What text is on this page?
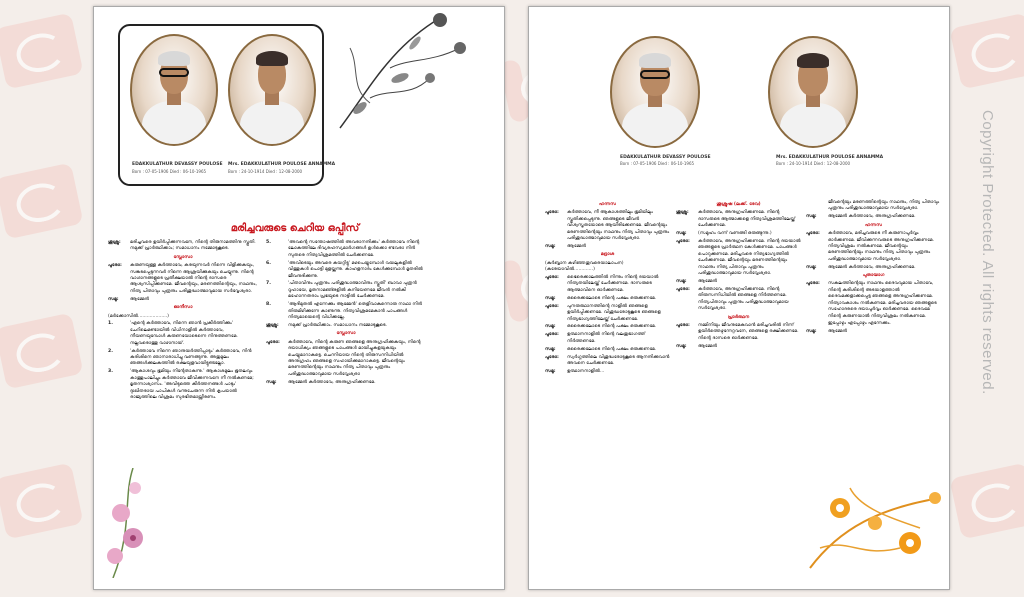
EDAKKULATHUR DEVASSY POULOSE
Born : 07-05-1906 Died : 06-10-1965
Mrs. EDAKKULATHUR POULOSE ANNAMMA
Born : 24-10-1914 Died : 12-08-2000
മരിച്ചവരുടെ ചെറിയ ഒപ്പീസ്
ശുശ്രൂ:	മരിച്ചവരെ ഉയിർപ്പിക്കുന്നവനേ, നിന്റെ തിരുനാമത്തിനു സ്തുതി. നമുക്ക് പ്രാർത്ഥിക്കാം; സമാധാനം നമ്മോടുകൂടെ.
സ്ലോസാ
പൂരോ:	കരുണയുള്ള കർത്താവേ, കരയുന്നവർ നിന്നെ വിളിക്കുകയും, സങ്കടപ്പെടുന്നവർ നിന്നെ ആശ്രയിക്കുകയും ചെയ്യുന്നു. നിന്റെ വാഗ്ദാനങ്ങളുടെ പ്രതീക്ഷയാൽ നിന്റെ ദാസരെ ആശ്വസിപ്പിക്കണമേ. ജീവന്റെയും, മരണത്തിന്റെയും, നാഥനും, നിത്യ പിതാവും പുത്രനും പരിശുദ്ധാത്മാവുമായ സർവ്വേശ്വരാ.
സമൂ:	ആമ്മേൻ
ഓനീസാ
(മർക്കോസിൽ....................)
1.	'എന്റെ കർത്താവേ, നിന്നെ ഞാൻ പ്രകീർത്തിക്കും' ചേറിലെമണ്ടായിൽ വിധിനാളിൽ കർത്താവേ, നീയണയുമ്പോൾ കരുണയോടെന്നെ നിനുത്തണമേ. നല്ലവരൊത്തു വാഴാനായ്.
2.	'കർത്താവേ നിന്നെ ഞാനുയർത്തിപ്പാടും' കർത്താവേ, നിൻ കുരിശിനെ ഞാനാരാധിച്ചു വണങ്ങുന്നു. അതുമൂലം ഞങ്ങൾക്കുലകത്തിൽ രക്ഷയുളവായിട്ടുണ്ടല്ലോ.
3.	'ആകാശവും ഭൂമിയും നിന്റേതാകുന്നു.' ആകാശമൂലം ഭൂതലവും കാത്തുപാലിച്ചും കർത്താവേ ജീവിക്കുന്നവനേ നീ നൽകണമേ; മൃതന്നാശ്വാസം. 'അവിടുത്തെ കീർത്തനങ്ങൾ പാടും' ദുഃഖിതരായ പാപികൾ വന്നുചേരുന്ന നിൻ കൃപയാൽ രാജ്യത്തിലെ വിശ്രമം സുരഭിതമായ്ത്തീരണം.
5.	'അവന്റെ സന്തോഷത്തിൽ അവരാനന്ദിക്കും' കർത്താവേ നിന്റെ ലോകത്തിലേ ദിവ്യരഹസ്യമാർഗങ്ങൾ ഉൾക്കൊ ണ്ടവരാ നിൻ സുതരെ നിത്യവിശ്രമത്തിൽ ചേർക്കണമേ.
6.	'അവിടെയും അവരെ കയറ്റിട്ടു' മഴപെയ്യുമ്പോൾ വയലുകളിൽ വിത്തുകൾ പൊട്ടി മുളയ്ക്കുന്നു. കാഹളനാദം കേൾക്കുമ്പോൾ മൃതരിൽ ജീവനുദിക്കുന്നു.
7.	'പിതാവിനും പുത്രനും പരിശുദ്ധാത്മാവിനും സ്തുതി' ബാവാ പുത്രൻ റൂഹായേ, മൃതനാമഞ്ങളിൽ കനിയേണമേ ജീവൻ നൽകി മഹോന്നതരാം പ്രഭയുടെ നാട്ടിൽ ചേർക്കണമേ.
8.	'ആദിമുതൽ എന്നേക്കും ആമ്മേൻ' തെളിവാകുന്നൊരു നാഥാ നിൻ തിരുമിഴിക്കുന്നേ കാണുന്നു. നിത്യവിശ്രമമേകാൻ പാപങ്ങൾ നിത്യമായെന്റെ വിധിക്കല്ലേ.
ശുശ്രൂ:	നമുക്ക് പ്രാർത്ഥിക്കാം. സമാധാനം നമ്മോടുകൂടെ.
സ്ലോസാ
പൂരോ:	കർത്താവേ, നിന്റെ കരുണ ഞങ്ങളെ അനുഗ്രഹിക്കുകയും, നിന്റെ ദയാധിക്യം ഞങ്ങളുടെ പാപങ്ങൾ മായിച്ചുകളയുകയും ചെയ്യുമാറാകട്ടെ. ചെന്നിയായ നിന്റെ തിരുസന്നിധിയിൽ അനുഗ്രഹം ഞങ്ങളെ സഹായിക്കുമാറാകട്ടെ. ജീവന്റെയും മരണത്തിന്റെയും നാഥനും നിത്യ പിതാവും പുത്രനും പരിശുദ്ധാത്മാവുമായ സർവ്വേശ്വരാ
സമൂ:	ആമ്മേൻ കർത്താവേ, അനുഗ്രഹിക്കണമേ.
EDAKKULATHUR DEVASSY POULOSE
Born : 07-05-1906 Died : 06-10-1965
Mrs. EDAKKULATHUR POULOSE ANNAMMA
Born : 24-10-1914 Died : 12-08-2000
ഹന്നസ
പൂരോ:	കർത്താവേ, നീ ആകാശത്തിലും ഭൂമിയിലും സ്തുതിക്കപ്പെടുന്നു. ഞങ്ങളുടെ ജീവൻ വിശ്വസ്തതയോടെ ആയിരിക്കേണമേ. ജീവന്റെയും മരണത്തിന്റെയും നാഥനും നിത്യ പിതാവും പുത്രനും പരിശുദ്ധാത്മാവുമായ സർവ്വേശ്വരാ.
സമൂ:	ആമ്മേൻ
മദ്രാശ
(കുർബ്ബാന കഴിഞ്ഞതുവരെയാലാപന) (കരേയാവിൽ.............)
പൂരോ:	ഭൈരെക്കാലത്തിൽ നിന്നും നിന്റെ ദയയാൽ നിത്യതയിലേയ്ക്ക് ചേർക്കണമേ. ദാസരുടെ ആത്മാവിനെ ഓർക്കണമേ.
സമൂ:	ഒരൈക്കലോടെ നിന്റെ പക്ഷം ഒരുക്കണമേ.
പൂരോ:	പുനരുത്ഥാനത്തിന്റെ നാളിൽ ഞങ്ങളെ ഉയിർപ്പിക്കണമേ. വിശുദ്ധരോടുകൂടെ ഞങ്ങളെ നിത്യഭാഗ്യത്തിലേയ്ക്ക് ചേർക്കണമേ.
സമൂ:	ഒരൈക്കലോടെ നിന്റെ പക്ഷം ഒരുക്കണമേ.
പൂരോ:	ഉത്ഥാനനാളിൽ നിന്റെ വലതുഭാഗത്ത് നിർത്തണമേ.
സമൂ:	ഒരൈക്കലോടെ നിന്റെ പക്ഷം ഒരുക്കണമേ.
പൂരോ:	സ്വർഗ്ഗത്തിലെ വിശുദ്ധരോടുകൂടെ ആനന്ദിക്കുവാൻ അവനെ ചേർക്കണമേ.
സമൂ:	ഉത്ഥാനനാളിൽ...
ശുശ്രൂഷ (ലക്ക്. ദേവ)
ശുശ്രൂ:	കർത്താവേ, അനുഗ്രഹിക്കണമേ. നിന്റെ ദാസരുടെ ആത്മാക്കളെ നിത്യവിശ്രമത്തിലേയ്ക്ക് ചേർക്കണമേ.
സമൂ:	(സമൂഹം വന്ന് വണങ്ങി ഒരുങ്ങുന്നു.)
പൂരോ:	കർത്താവേ, അനുഗ്രഹിക്കണമേ. നിന്റെ ദയയാൽ ഞങ്ങളുടെ പ്രാർത്ഥന കേൾക്കണമേ. പാപങ്ങൾ പൊറുക്കണമേ. മരിച്ചവരെ നിത്യഭാഗ്യത്തിൽ ചേർക്കണമേ. ജീവന്റെയും മരണത്തിന്റെയും നാഥനും നിത്യ പിതാവും പുത്രനും പരിശുദ്ധാത്മാവുമായ സർവ്വേശ്വരാ.
സമൂ:	ആമ്മേൻ
പൂരോ:	കർത്താവേ, അനുഗ്രഹിക്കണമേ. നിന്റെ തിരുസന്നിധിയിൽ ഞങ്ങളെ നിർത്തണമേ. നിത്യപിതാവും പുത്രനും പരിശുദ്ധാത്മാവുമായ സർവ്വേശ്വരാ.
പ്രാർത്ഥന
പൂരോ:	നമ്മിനിയും ജീവനുമേകുവാൻ മരിച്ചവരിൽ നിന്ന് ഉയിർത്തെഴുന്നേറ്റവനേ, ഞങ്ങളെ രക്ഷിക്കണമേ. നിന്റെ ദാസരെ ഓർക്കണമേ.
സമൂ:	ആമ്മേൻ
ജീവന്റെയും മരണത്തിന്റെയും നാഥനും, നിത്യ പിതാവും പുത്രനും പരിശുദ്ധാത്മാവുമായ സർവ്വേശ്വരാ.
സമൂ:	ആമ്മേൻ കർത്താവേ, അനുഗ്രഹിക്കണമേ.
ഹന്നസ
പൂരോ:	കർത്താവേ, മരിച്ചവരുടെ നീ കരുണാപൂർവ്വം ഓർക്കണമേ. ജീവിക്കുന്നവരുടെ അനുഗ്രഹിക്കണമേ. നിത്യവിശ്രമം നൽകണമേ. ജീവന്റെയും മരണത്തിന്റെയും നാഥനും നിത്യ പിതാവും പുത്രനും പരിശുദ്ധാത്മാവുമായ സർവ്വേശ്വരാ.
സമൂ:	ആമ്മേൻ കർത്താവേ, അനുഗ്രഹിക്കണമേ.
പുതായാഗ
പൂരോ:	സകലത്തിന്റെയും നാഥനും ദൈവവുമായ പിതാവേ, നിന്റെ കുരിശിന്റെ അടയാളത്താൽ ദൈവമക്കളാക്കപ്പെട്ട ഞങ്ങളെ അനുഗ്രഹിക്കണമേ. നിത്യാവകാശം നൽകണമേ. മരിച്ചവരായ ഞങ്ങളുടെ സഹോദരരെ ദയാപൂർവ്വം ഓർക്കണമേ. ദൈവമേ നിന്റെ കരുണയാൽ നിത്യവിശ്രമം നൽകണമേ.
ഇപ്പോഴും എപ്പോഴും എന്നേക്കും.
സമൂ:	ആമ്മേൻ	Copyright Protected. All rights reserved.
